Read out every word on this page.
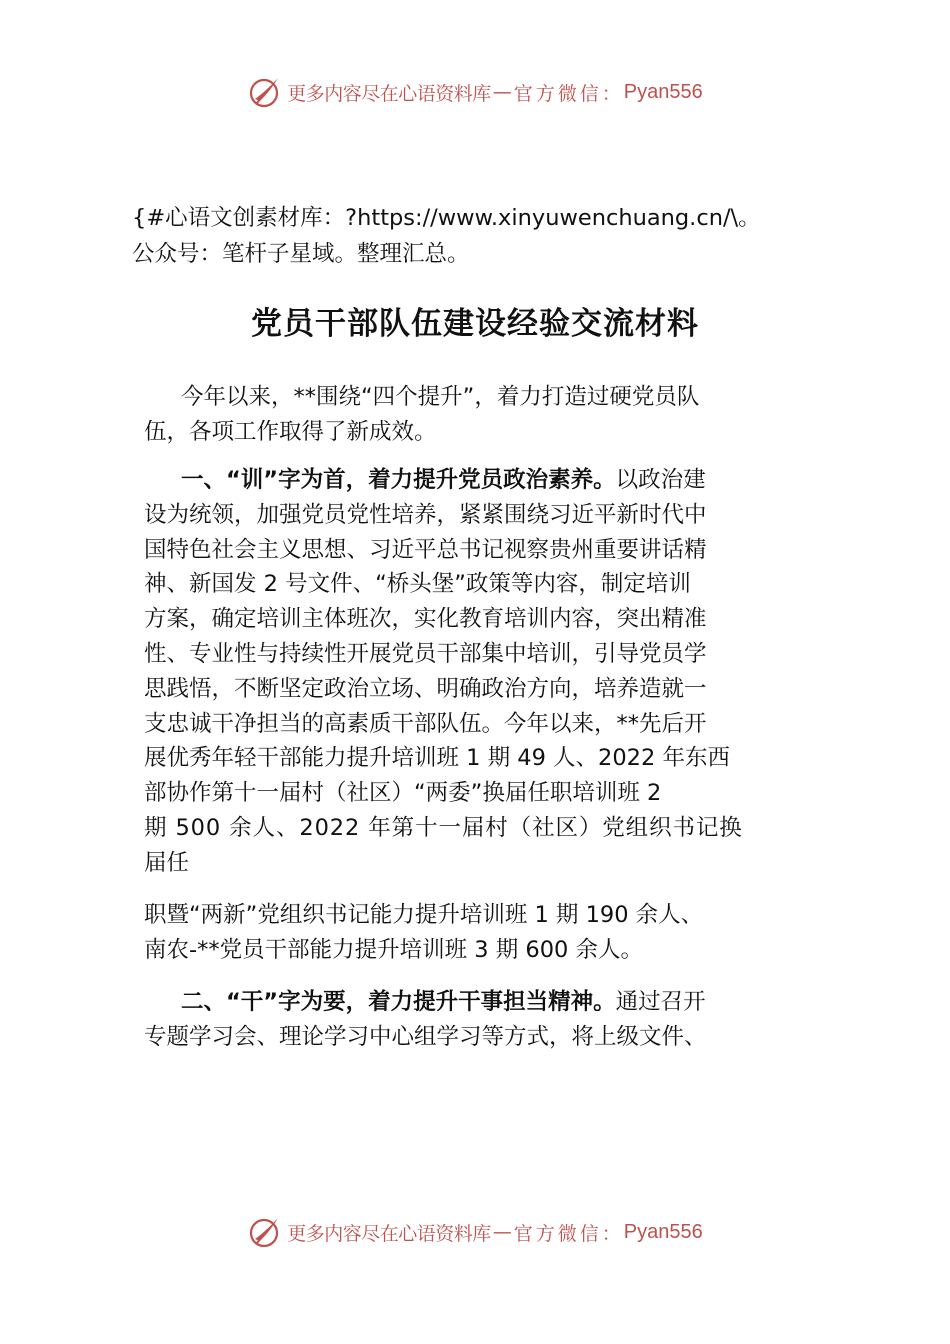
更多内容尽在心语资料库 — 官方微信： Pyan556
{#心语文创素材库：?https://www.xinyuwenchuang.cn/\。
公众号：笔杆子星域。整理汇总。
党员干部队伍建设经验交流材料
今年以来，**围绕“四个提升”，着力打造过硬党员队
伍，各项工作取得了新成效。
一、“训”字为首，着力提升党员政治素养。以政治建
设为统领，加强党员党性培养，紧紧围绕习近平新时代中
国特色社会主义思想、习近平总书记视察贵州重要讲话精
神、新国发 2 号文件、“桥头堡”政策等内容，制定培训
方案，确定培训主体班次，实化教育培训内容，突出精准
性、专业性与持续性开展党员干部集中培训，引导党员学
思践悟，不断坚定政治立场、明确政治方向，培养造就一
支忠诚干净担当的高素质干部队伍。今年以来，**先后开
展优秀年轻干部能力提升培训班 1 期 49 人、2022 年东西
部协作第十一届村（社区）“两委”换届任职培训班 2
期 500 余人、2022 年第十一届村（社区）党组织书记换
届任
职暨“两新”党组织书记能力提升培训班 1 期 190 余人、
南农-**党员干部能力提升培训班 3 期 600 余人。
二、“干”字为要，着力提升干事担当精神。通过召开
专题学习会、理论学习中心组学习等方式，将上级文件、
更多内容尽在心语资料库 — 官方微信： Pyan556
